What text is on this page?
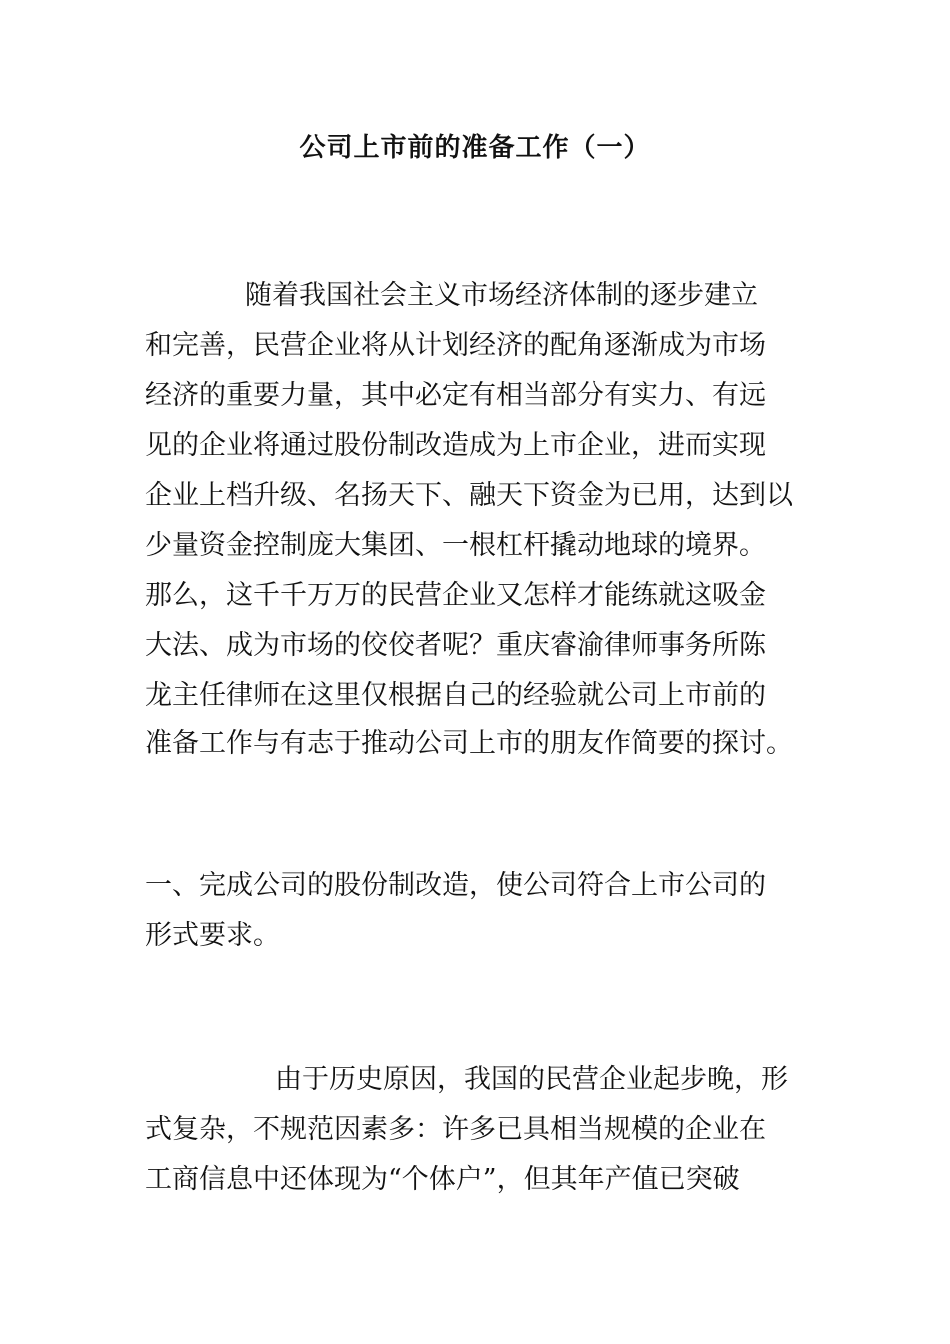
公司上市前的准备工作（一）
随着我国社会主义市场经济体制的逐步建立
和完善，民营企业将从计划经济的配角逐渐成为市场
经济的重要力量，其中必定有相当部分有实力、有远
见的企业将通过股份制改造成为上市企业，进而实现
企业上档升级、名扬天下、融天下资金为已用，达到以
少量资金控制庞大集团、一根杠杆撬动地球的境界。
那么，这千千万万的民营企业又怎样才能练就这吸金
大法、成为市场的佼佼者呢？重庆睿渝律师事务所陈
龙主任律师在这里仅根据自己的经验就公司上市前的
准备工作与有志于推动公司上市的朋友作简要的探讨。
一、完成公司的股份制改造，使公司符合上市公司的
形式要求。
由于历史原因，我国的民营企业起步晚，形
式复杂，不规范因素多：许多已具相当规模的企业在
工商信息中还体现为“个体户”，但其年产值已突破
